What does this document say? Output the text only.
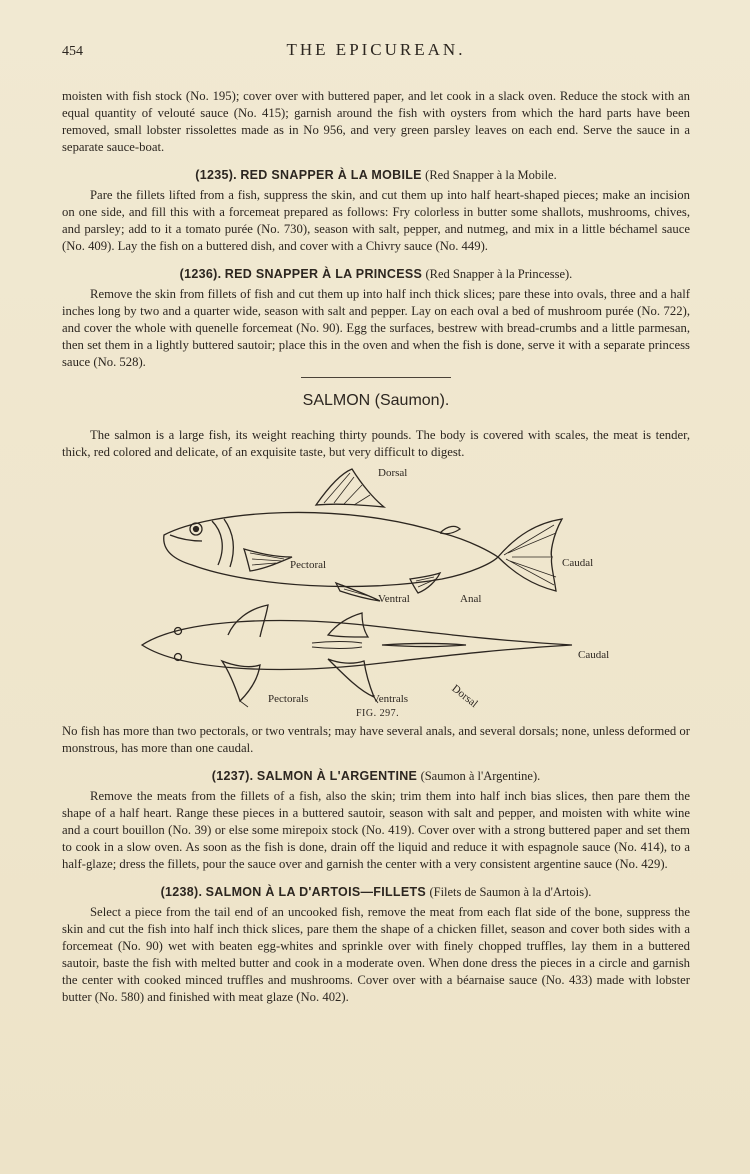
454	THE EPICUREAN.

moisten with fish stock (No. 195); cover over with buttered paper, and let cook in a slack oven. Reduce the stock with an equal quantity of velouté sauce (No. 415); garnish around the fish with oysters from which the hard parts have been removed, small lobster rissolettes made as in No 956, and very green parsley leaves on each end. Serve the sauce in a separate sauce-boat.

(1235). RED SNAPPER À LA MOBILE (Red Snapper à la Mobile.

Pare the fillets lifted from a fish, suppress the skin, and cut them up into half heart-shaped pieces; make an incision on one side, and fill this with a forcemeat prepared as follows: Fry colorless in butter some shallots, mushrooms, chives, and parsley; add to it a tomato purée (No. 730), season with salt, pepper, and nutmeg, and mix in a little béchamel sauce (No. 409). Lay the fish on a buttered dish, and cover with a Chivry sauce (No. 449).

(1236). RED SNAPPER À LA PRINCESS (Red Snapper à la Princesse).

Remove the skin from fillets of fish and cut them up into half inch thick slices; pare these into ovals, three and a half inches long by two and a quarter wide, season with salt and pepper. Lay on each oval a bed of mushroom purée (No. 722), and cover the whole with quenelle forcemeat (No. 90). Egg the surfaces, bestrew with bread-crumbs and a little parmesan, then set them in a lightly buttered sautoir; place this in the oven and when the fish is done, serve it with a separate princess sauce (No. 528).

SALMON (Saumon).

The salmon is a large fish, its weight reaching thirty pounds. The body is covered with scales, the meat is tender, thick, red colored and delicate, of an exquisite taste, but very difficult to digest.

Dorsal
Pectoral	Caudal
Ventral	Anal
Caudal
Dorsal
Pectorals	Ventrals
FIG. 297.

No fish has more than two pectorals, or two ventrals; may have several anals, and several dorsals; none, unless deformed or monstrous, has more than one caudal.

(1237). SALMON À L'ARGENTINE (Saumon à l'Argentine).

Remove the meats from the fillets of a fish, also the skin; trim them into half inch bias slices, then pare them the shape of a half heart. Range these pieces in a buttered sautoir, season with salt and pepper, and moisten with white wine and a court bouillon (No. 39) or else some mirepoix stock (No. 419). Cover over with a strong buttered paper and set them to cook in a slow oven. As soon as the fish is done, drain off the liquid and reduce it with espagnole sauce (No. 414), to a half-glaze; dress the fillets, pour the sauce over and garnish the center with a very consistent argentine sauce (No. 429).

(1238). SALMON À LA D'ARTOIS—FILLETS (Filets de Saumon à la d'Artois).

Select a piece from the tail end of an uncooked fish, remove the meat from each flat side of the bone, suppress the skin and cut the fish into half inch thick slices, pare them the shape of a chicken fillet, season and cover both sides with a forcemeat (No. 90) wet with beaten egg-whites and sprinkle over with finely chopped truffles, lay them in a buttered sautoir, baste the fish with melted butter and cook in a moderate oven. When done dress the pieces in a circle and garnish the center with cooked minced truffles and mushrooms. Cover over with a béarnaise sauce (No. 433) made with lobster butter (No. 580) and finished with meat glaze (No. 402).
